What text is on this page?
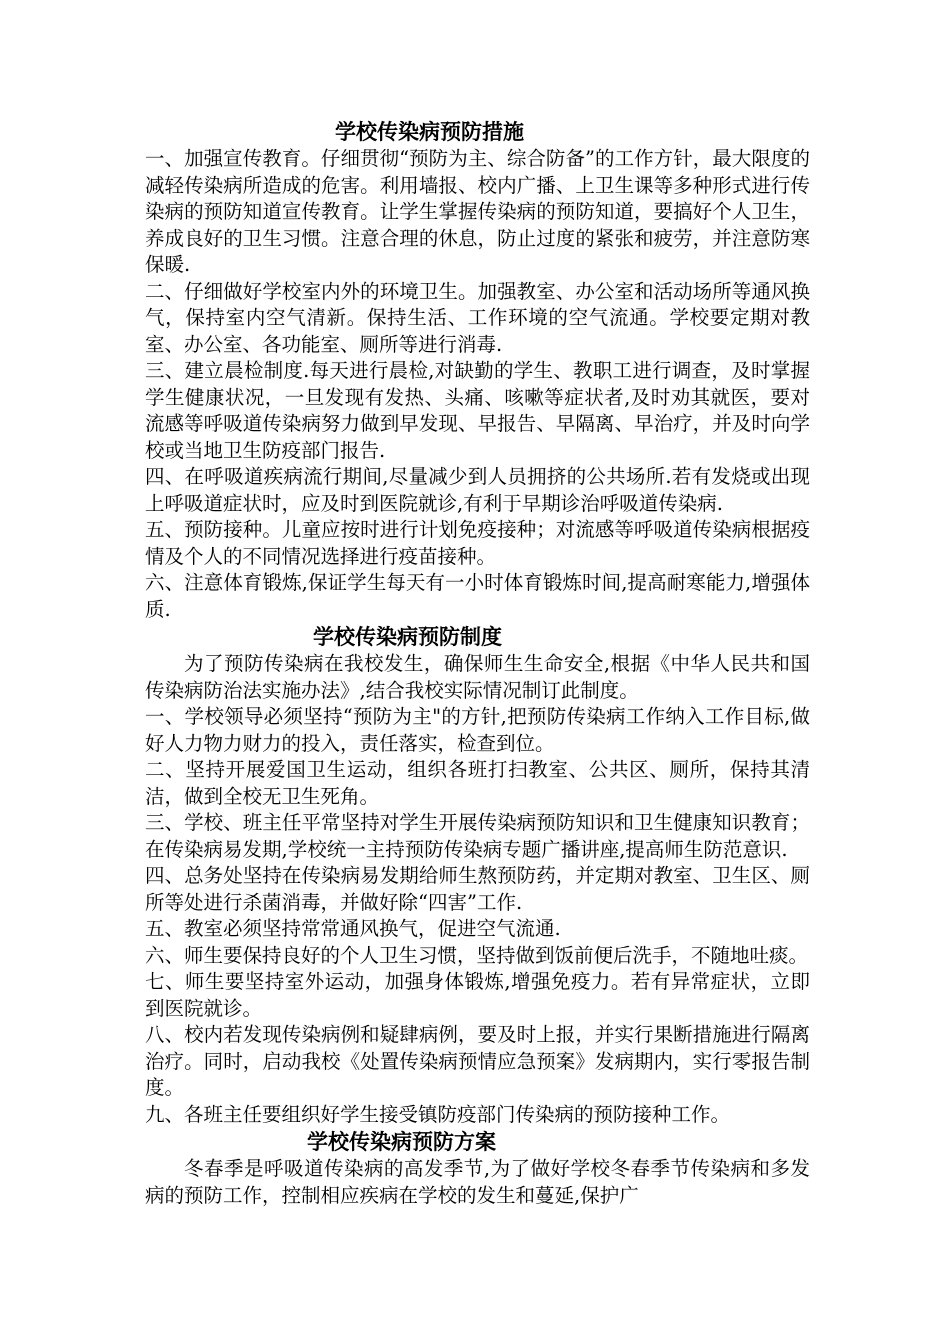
学校传染病预防措施

一、加强宣传教育。仔细贯彻“预防为主、综合防备”的工作方针，最大限度的减轻传染病所造成的危害。利用墙报、校内广播、上卫生课等多种形式进行传染病的预防知道宣传教育。让学生掌握传染病的预防知道，要搞好个人卫生，养成良好的卫生习惯。注意合理的休息，防止过度的紧张和疲劳，并注意防寒保暖.

二、仔细做好学校室内外的环境卫生。加强教室、办公室和活动场所等通风换气，保持室内空气清新。保持生活、工作环境的空气流通。学校要定期对教室、办公室、各功能室、厕所等进行消毒.

三、建立晨检制度.每天进行晨检,对缺勤的学生、教职工进行调查，及时掌握学生健康状况，一旦发现有发热、头痛、咳嗽等症状者,及时劝其就医，要对流感等呼吸道传染病努力做到早发现、早报告、早隔离、早治疗，并及时向学校或当地卫生防疫部门报告.

四、在呼吸道疾病流行期间,尽量减少到人员拥挤的公共场所.若有发烧或出现上呼吸道症状时，应及时到医院就诊,有利于早期诊治呼吸道传染病.

五、预防接种。儿童应按时进行计划免疫接种；对流感等呼吸道传染病根据疫情及个人的不同情况选择进行疫苗接种。

六、注意体育锻炼,保证学生每天有一小时体育锻炼时间,提高耐寒能力,增强体质.

学校传染病预防制度

为了预防传染病在我校发生，确保师生生命安全,根据《中华人民共和国传染病防治法实施办法》,结合我校实际情况制订此制度。

一、学校领导必须坚持“预防为主"的方针,把预防传染病工作纳入工作目标,做好人力物力财力的投入，责任落实，检查到位。

二、坚持开展爱国卫生运动，组织各班打扫教室、公共区、厕所，保持其清洁，做到全校无卫生死角。

三、学校、班主任平常坚持对学生开展传染病预防知识和卫生健康知识教育；在传染病易发期,学校统一主持预防传染病专题广播讲座,提高师生防范意识.

四、总务处坚持在传染病易发期给师生熬预防药，并定期对教室、卫生区、厕所等处进行杀菌消毒，并做好除“四害”工作.

五、教室必须坚持常常通风换气，促进空气流通.

六、师生要保持良好的个人卫生习惯，坚持做到饭前便后洗手，不随地吐痰。

七、师生要坚持室外运动，加强身体锻炼,增强免疫力。若有异常症状，立即到医院就诊。

八、校内若发现传染病例和疑肆病例，要及时上报，并实行果断措施进行隔离治疗。同时，启动我校《处置传染病预情应急预案》发病期内，实行零报告制度。

九、各班主任要组织好学生接受镇防疫部门传染病的预防接种工作。

学校传染病预防方案

冬春季是呼吸道传染病的高发季节,为了做好学校冬春季节传染病和多发病的预防工作，控制相应疾病在学校的发生和蔓延,保护广
